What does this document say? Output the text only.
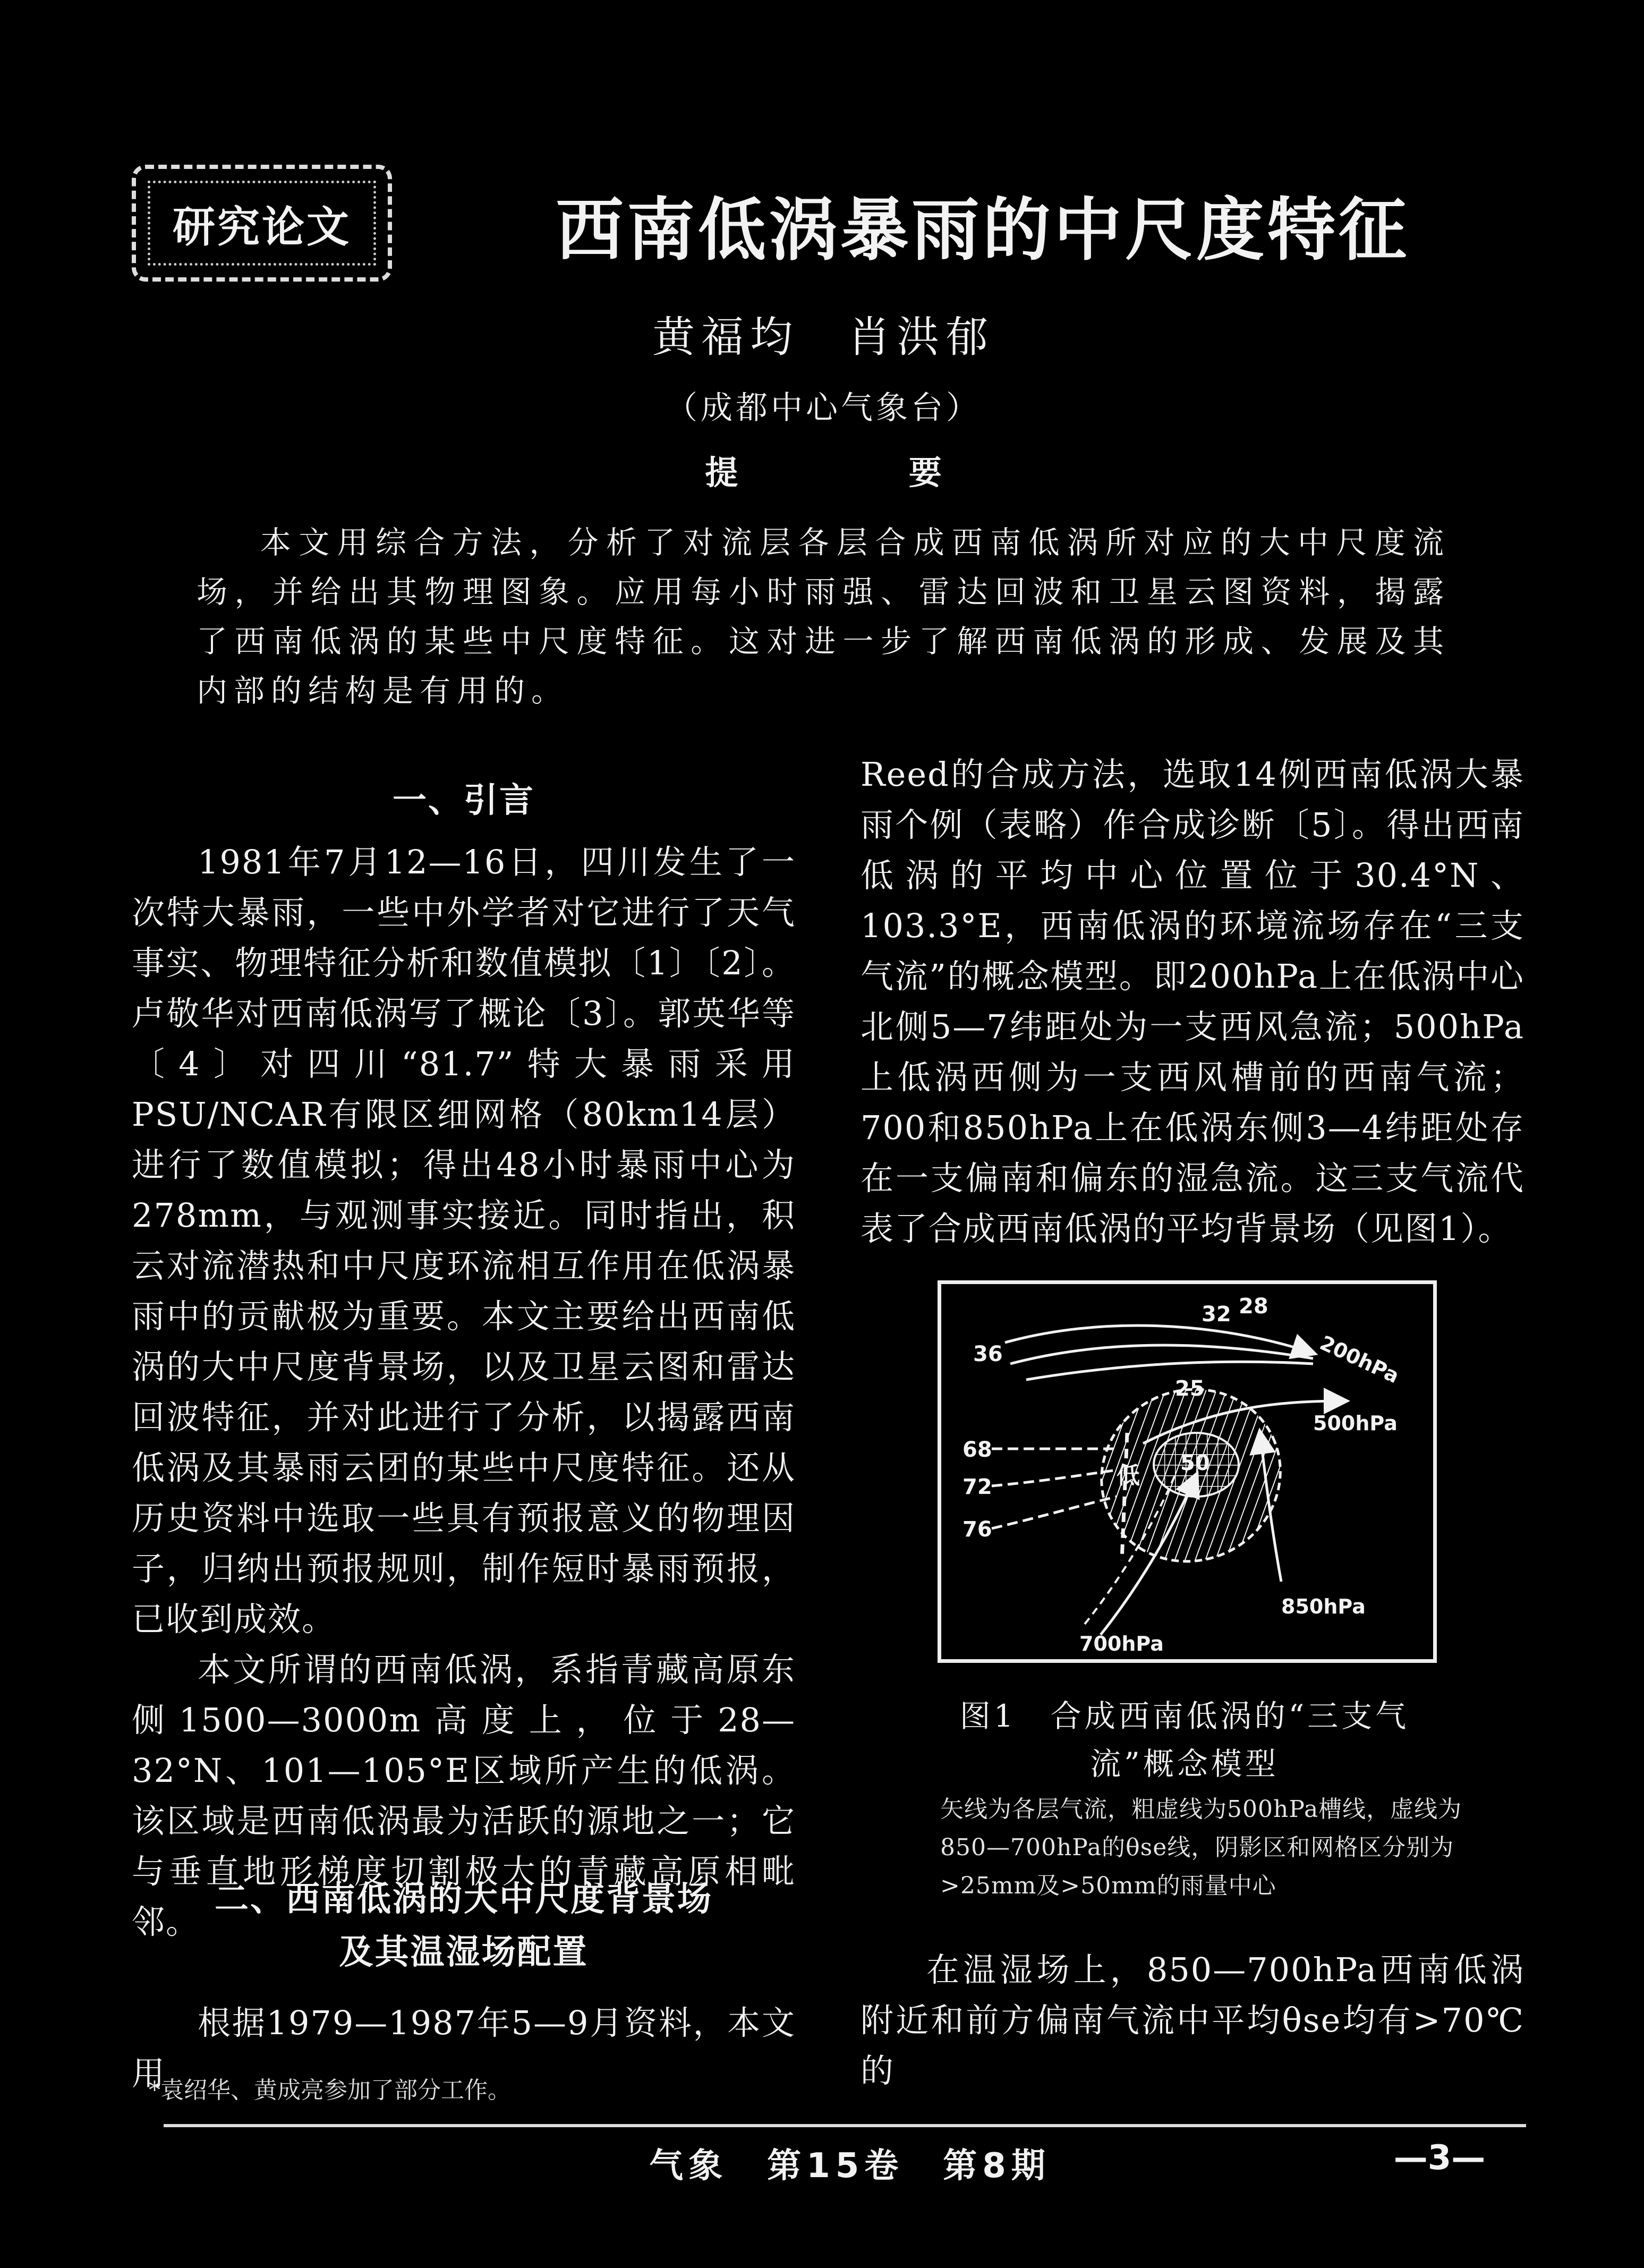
研究论文	西南低涡暴雨的中尺度特征
黄福均　肖洪郁
（成都中心气象台）
提 要
本文用综合方法，分析了对流层各层合成西南低涡所对应的大中尺度流场，并给出其物理图象。应用每小时雨强、雷达回波和卫星云图资料，揭露了西南低涡的某些中尺度特征。这对进一步了解西南低涡的形成、发展及其内部的结构是有用的。
一、引言

1981年7月12—16日，四川发生了一次特大暴雨，一些中外学者对它进行了天气事实、物理特征分析和数值模拟〔1〕〔2〕。卢敬华对西南低涡写了概论〔3〕。郭英华等〔4〕对四川“81.7”特大暴雨采用PSU/NCAR有限区细网格（80km14层）进行了数值模拟；得出48小时暴雨中心为278mm，与观测事实接近。同时指出，积云对流潜热和中尺度环流相互作用在低涡暴雨中的贡献极为重要。本文主要给出西南低涡的大中尺度背景场，以及卫星云图和雷达回波特征，并对此进行了分析，以揭露西南低涡及其暴雨云团的某些中尺度特征。还从历史资料中选取一些具有预报意义的物理因子，归纳出预报规则，制作短时暴雨预报，已收到成效。

本文所谓的西南低涡，系指青藏高原东侧1500—3000m高度上，位于28—32°N、101—105°E区域所产生的低涡。该区域是西南低涡最为活跃的源地之一；它与垂直地形梯度切割极大的青藏高原相毗邻。

二、西南低涡的大中尺度背景场
及其温湿场配置

根据1979—1987年5—9月资料，本文用

Reed的合成方法，选取14例西南低涡大暴雨个例（表略）作合成诊断〔5〕。得出西南低涡的平均中心位置位于30.4°N、103.3°E，西南低涡的环境流场存在“三支气流”的概念模型。即200hPa上在低涡中心北侧5—7纬距处为一支西风急流；500hPa上低涡西侧为一支西风槽前的西南气流；700和850hPa上在低涡东侧3—4纬距处存在一支偏南和偏东的湿急流。这三支气流代表了合成西南低涡的平均背景场（见图1）。

32 28
36
25
68
72
76
50
低
200hPa
500hPa
850hPa
700hPa
图1　合成西南低涡的“三支气
流”概念模型
矢线为各层气流，粗虚线为500hPa槽线，虚线为850—700hPa的θse线，阴影区和网格区分别为>25mm及>50mm的雨量中心

在温湿场上，850—700hPa西南低涡附近和前方偏南气流中平均θse均有>70℃的

*袁绍华、黄成亮参加了部分工作。
气象　第15卷　第8期	—3—
